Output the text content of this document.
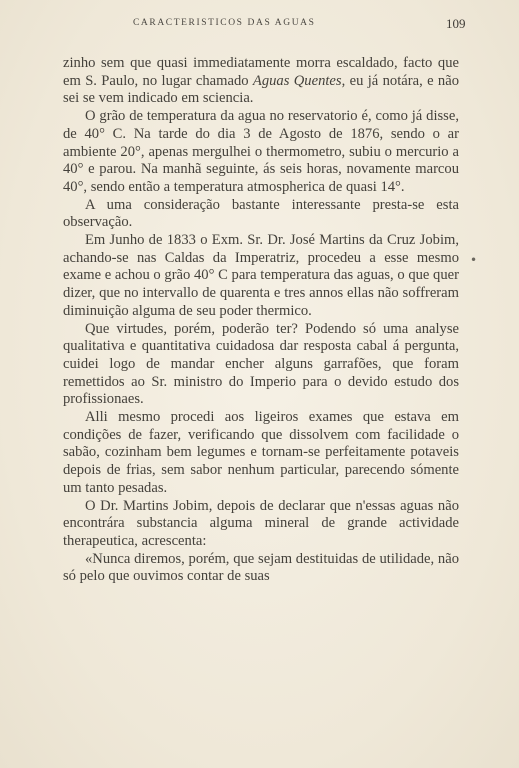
CARACTERISTICOS DAS AGUAS	109

zinho sem que quasi immediatamente morra escaldado, facto que em S. Paulo, no lugar chamado Aguas Quentes, eu já notára, e não sei se vem indicado em sciencia.

O grão de temperatura da agua no reservatorio é, como já disse, de 40° C. Na tarde do dia 3 de Agosto de 1876, sendo o ar ambiente 20°, apenas mergulhei o thermometro, subiu o mercurio a 40° e parou. Na manhã seguinte, ás seis horas, novamente marcou 40°, sendo então a temperatura atmospherica de quasi 14°.

A uma consideração bastante interessante presta-se esta observação.

Em Junho de 1833 o Exm. Sr. Dr. José Martins da Cruz Jobim, achando-se nas Caldas da Imperatriz, procedeu a esse mesmo exame e achou o grão 40° C para temperatura das aguas, o que quer dizer, que no intervallo de quarenta e tres annos ellas não soffreram diminuição alguma de seu poder thermico.

Que virtudes, porém, poderão ter? Podendo só uma analyse qualitativa e quantitativa cuidadosa dar resposta cabal á pergunta, cuidei logo de mandar encher alguns garrafões, que foram remettidos ao Sr. ministro do Imperio para o devido estudo dos profissionaes.

Alli mesmo procedi aos ligeiros exames que estava em condições de fazer, verificando que dissolvem com facilidade o sabão, cozinham bem legumes e tornam-se perfeitamente potaveis depois de frias, sem sabor nenhum particular, parecendo sómente um tanto pesadas.

O Dr. Martins Jobim, depois de declarar que n'essas aguas não encontrára substancia alguma mineral de grande actividade therapeutica, acrescenta:

«Nunca diremos, porém, que sejam destituidas de utilidade, não só pelo que ouvimos contar de suas

•
